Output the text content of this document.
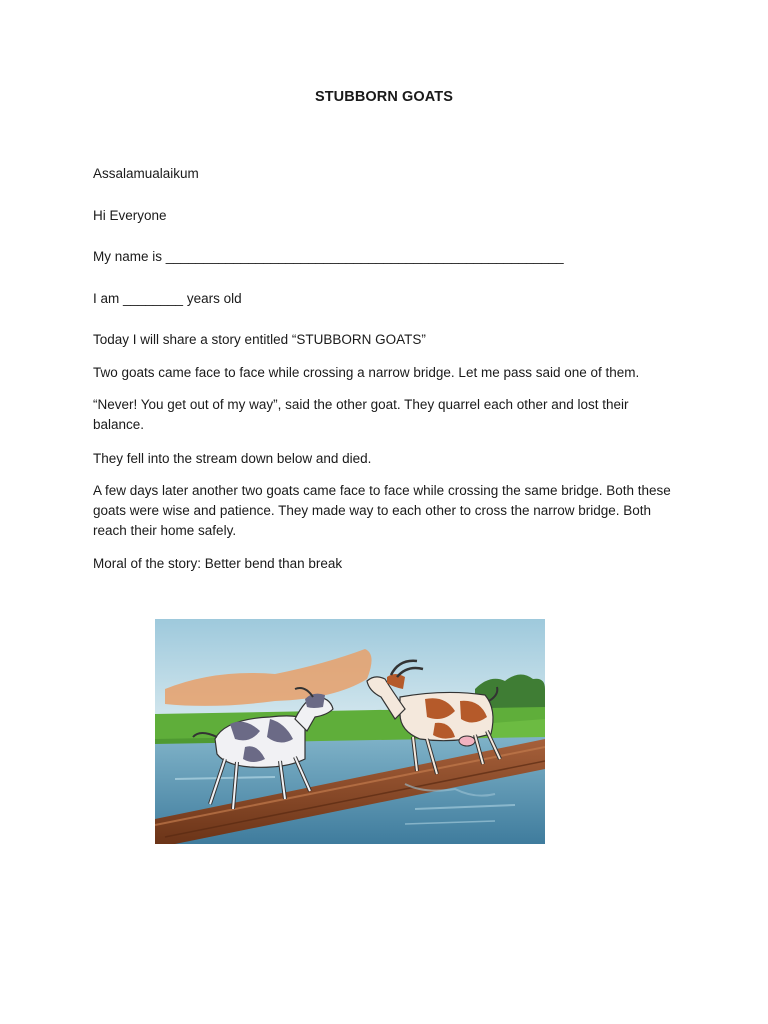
STUBBORN GOATS
Assalamualaikum
Hi Everyone
My name is _____________________________________________________
I am ________ years old
Today I will share a story entitled “STUBBORN GOATS”
Two goats came face to face while crossing a narrow bridge. Let me pass said one of them.
“Never! You get out of my way”, said the other goat. They quarrel each other and lost their balance.
They fell into the stream down below and died.
A few days later another two goats came face to face while crossing the same bridge. Both these goats were wise and patience. They made way to each other to cross the narrow bridge. Both reach their home safely.
Moral of the story: Better bend than break
